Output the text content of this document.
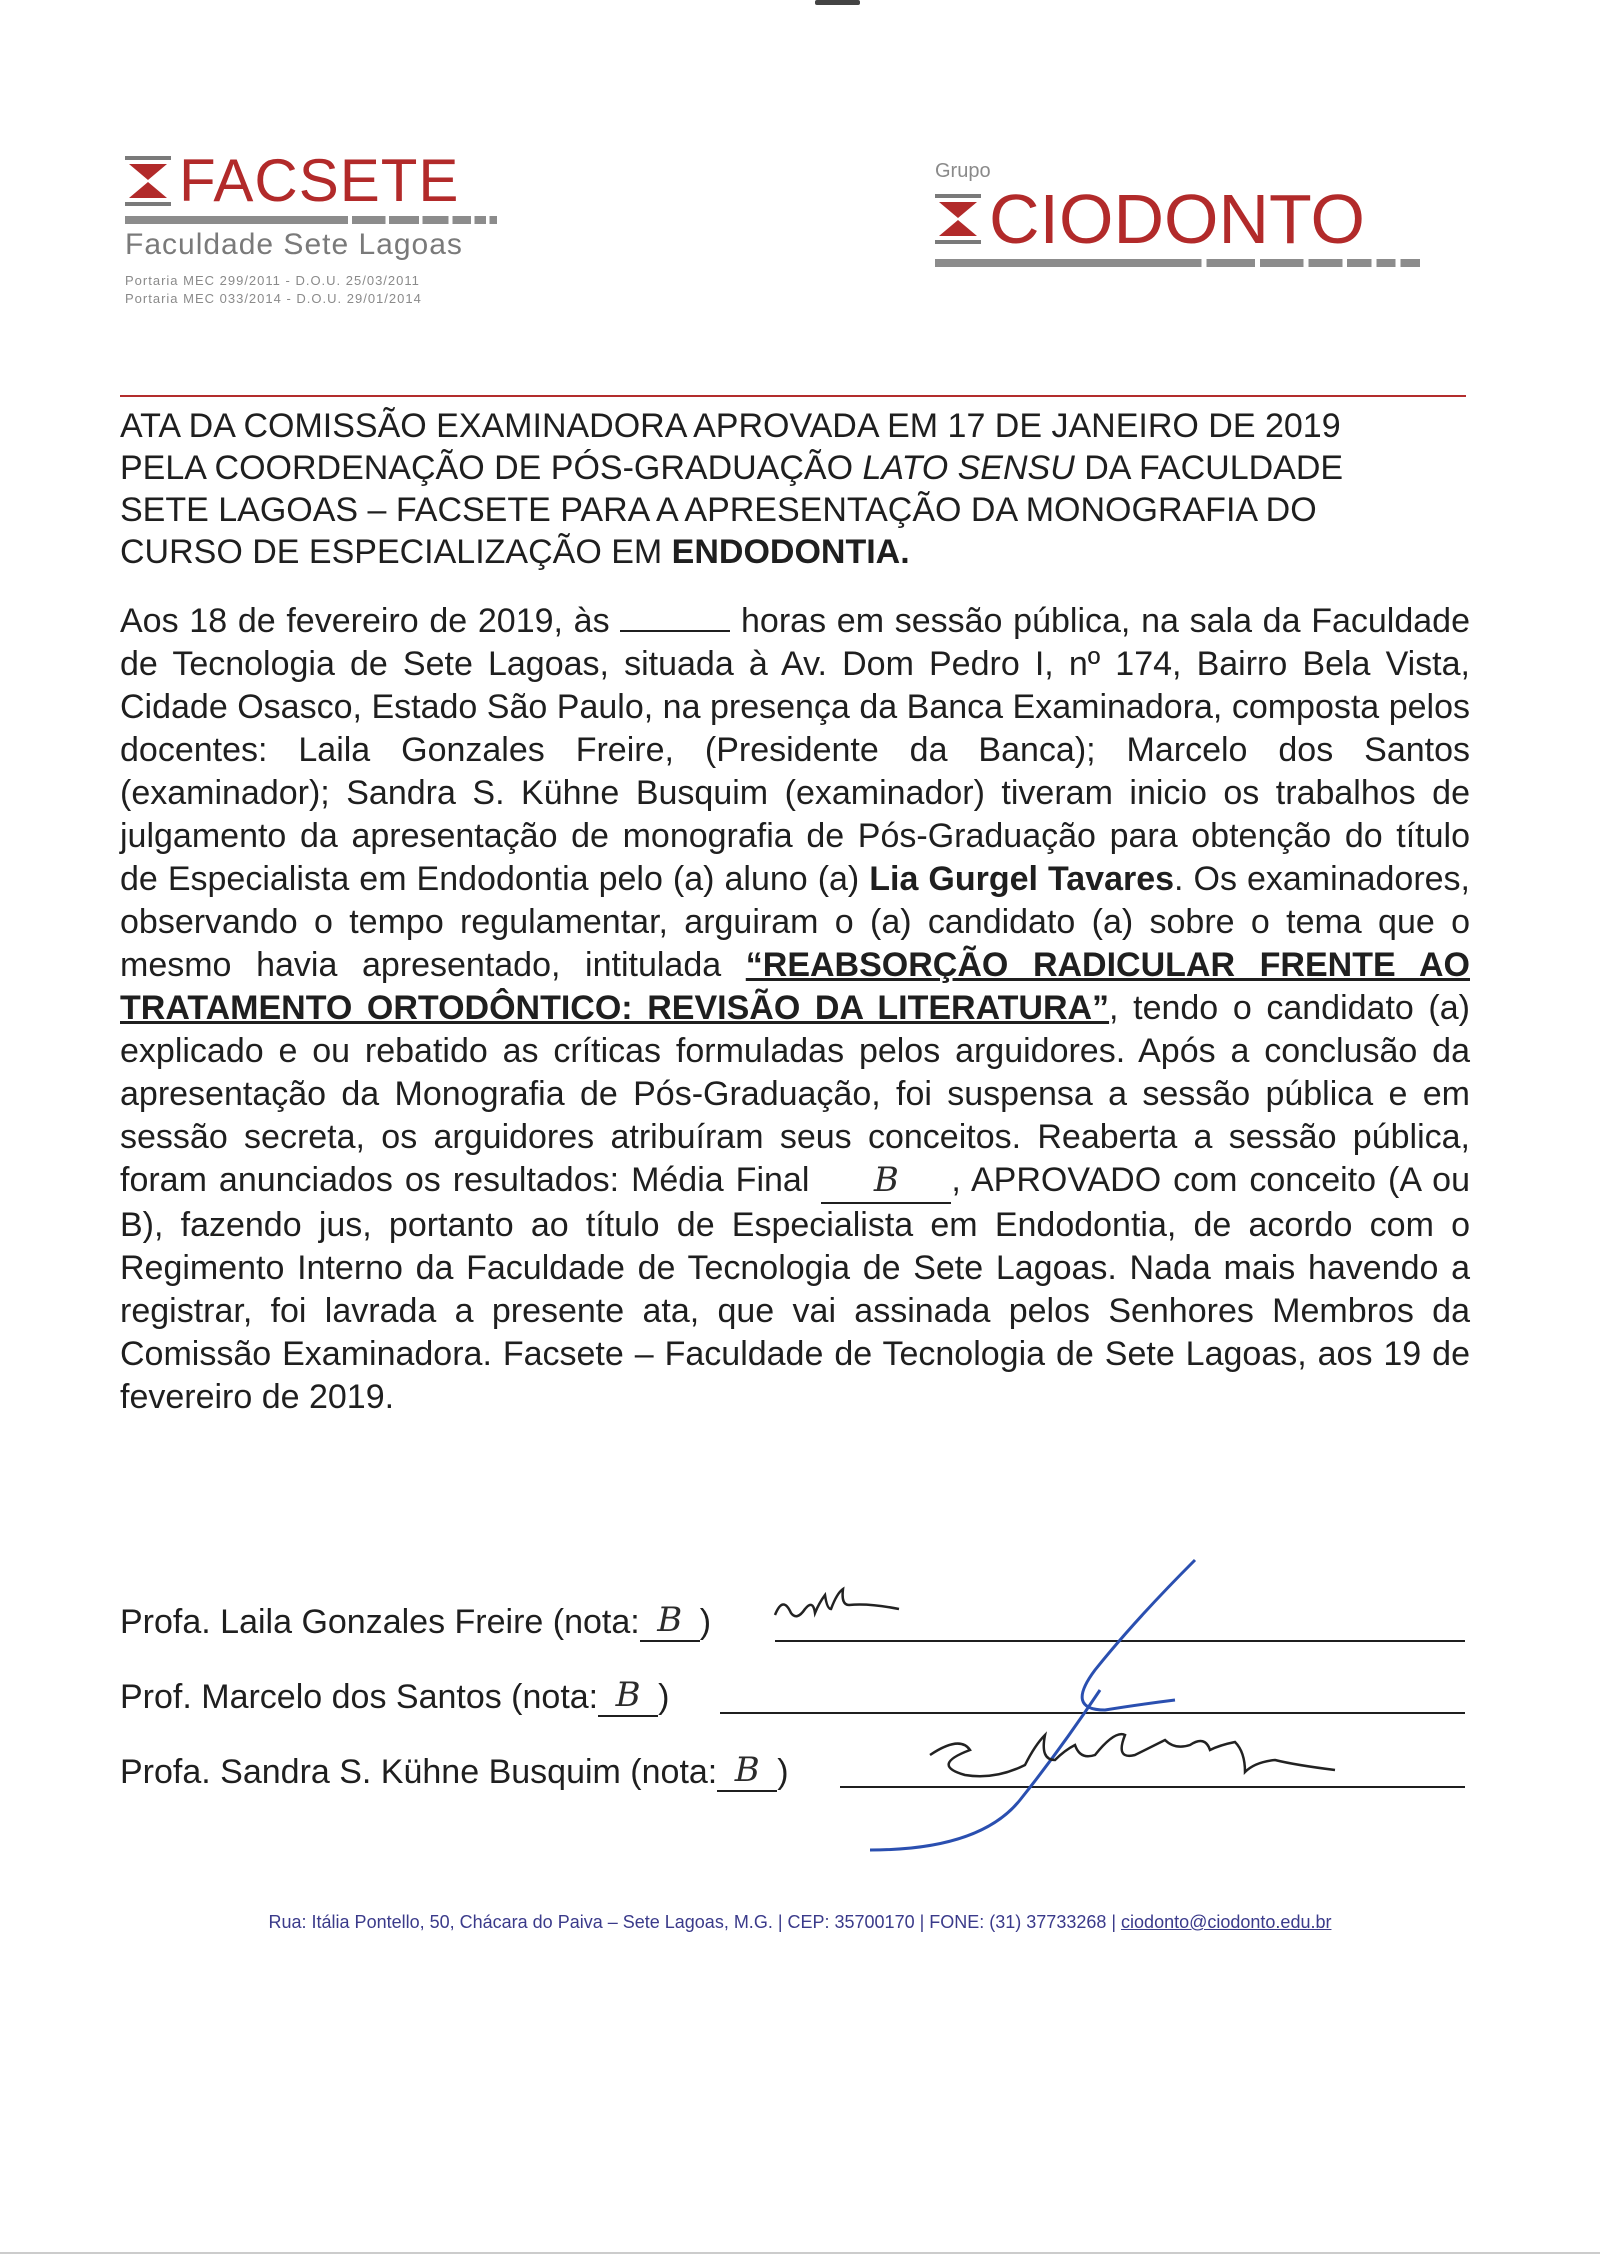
FACSETE
Faculdade Sete Lagoas
Portaria MEC 299/2011 - D.O.U. 25/03/2011
Portaria MEC 033/2014 - D.O.U. 29/01/2014
Grupo
CIODONTO

ATA DA COMISSÃO EXAMINADORA APROVADA EM 17 DE JANEIRO DE 2019

PELA COORDENAÇÃO DE PÓS-GRADUAÇÃO LATO SENSU DA FACULDADE

SETE LAGOAS – FACSETE PARA A APRESENTAÇÃO DA MONOGRAFIA DO

CURSO DE ESPECIALIZAÇÃO EM ENDODONTIA.

Aos 18 de fevereiro de 2019, às	horas em sessão pública, na sala da Faculdade de Tecnologia de Sete Lagoas, situada à Av. Dom Pedro I, nº 174, Bairro Bela Vista, Cidade Osasco, Estado São Paulo, na presença da Banca Examinadora, composta pelos docentes: Laila Gonzales Freire, (Presidente da Banca); Marcelo dos Santos (examinador); Sandra S. Kühne Busquim (examinador) tiveram inicio os trabalhos de julgamento da apresentação de monografia de Pós-Graduação para obtenção do título de Especialista em Endodontia pelo (a) aluno (a) Lia Gurgel Tavares. Os examinadores, observando o tempo regulamentar, arguiram o (a) candidato (a) sobre o tema que o mesmo havia apresentado, intitulada “REABSORÇÃO RADICULAR FRENTE AO TRATAMENTO ORTODÔNTICO: REVISÃO DA LITERATURA”, tendo o candidato (a) explicado e ou rebatido as críticas formuladas pelos arguidores. Após a conclusão da apresentação da Monografia de Pós-Graduação, foi suspensa a sessão pública e em sessão secreta, os arguidores atribuíram seus conceitos. Reaberta a sessão pública, foram anunciados os resultados: Média Final B , APROVADO com conceito (A ou B), fazendo jus, portanto ao título de Especialista em Endodontia, de acordo com o Regimento Interno da Faculdade de Tecnologia de Sete Lagoas. Nada mais havendo a registrar, foi lavrada a presente ata, que vai assinada pelos Senhores Membros da Comissão Examinadora. Facsete – Faculdade de Tecnologia de Sete Lagoas, aos 19 de fevereiro de 2019.
Profa. Laila Gonzales Freire (nota: B )
Prof. Marcelo dos Santos (nota: B )
Profa. Sandra S. Kühne Busquim (nota: B )
Rua: Itália Pontello, 50, Chácara do Paiva – Sete Lagoas, M.G. | CEP: 35700170 | FONE: (31) 37733268 | ciodonto@ciodonto.edu.br
